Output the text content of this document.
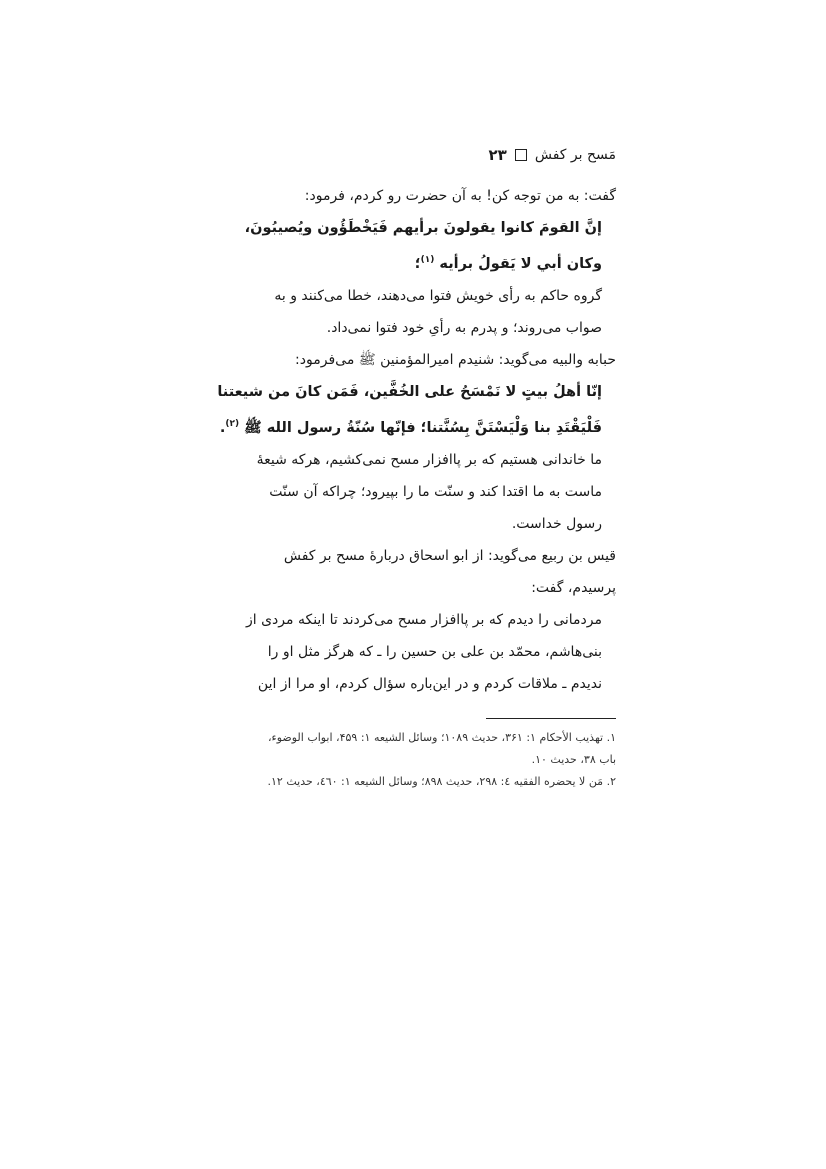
مَسح بر كفش
۲۳

گفت: به من توجه کن! به آن حضرت رو کردم، فرمود:

إنَّ القومَ كانوا يقولونَ برأيهم فَيَخْطَؤُون ويُصيبُونَ،

وكان أبي لا يَقولُ برأيه $^{(۱)}$؛

گروه حاکم به رأی خویش فتوا می‌دهند، خطا می‌کنند و به

صواب می‌روند؛ و پدرم به رأیِ خود فتوا نمی‌داد.

حبابه والبیه می‌گوید: شنیدم امیرالمؤمنین ﷺ می‌فرمود:

إنّا أهلُ بيتٍ لا نَمْسَحُ على الخُفَّين، فَمَن كانَ من شيعتنا

فَلْيَقْتَدِ بنا وَلْيَسْتَنَّ بِسُنَّتنا؛ فإنّها سُنّةُ رسول الله ﷺ $^{(۲)}$.

ما خاندانی هستیم که بر پاافزار مسح نمی‌کشیم، هرکه شیعهٔ

ماست به ما اقتدا کند و سنّت ما را بپیرود؛ چراکه آن سنّت

رسول خداست.

قیس بن ربیع می‌گوید: از ابو اسحاق دربارهٔ مسح بر کفش

پرسیدم، گفت:

مردمانی را دیدم که بر پاافزار مسح می‌کردند تا اینکه مردی از

بنی‌هاشم، محمّد بن علی بن حسین را ـ که هرگز مثل او را

ندیدم ـ ملاقات کردم و در این‌باره سؤال کردم، او مرا از این

۱. تهذیب الأحکام ۱: ۳۶۱، حدیث ۱۰۸۹؛ وسائل الشیعه ۱: ۴۵۹، ابواب الوضوء،

باب ۳۸، حدیث ۱۰.

۲. مَن لا یحضره الفقیه ٤: ۲۹۸، حدیث ۸۹۸؛ وسائل الشیعه ۱: ٤٦٠، حدیث ۱۲.
